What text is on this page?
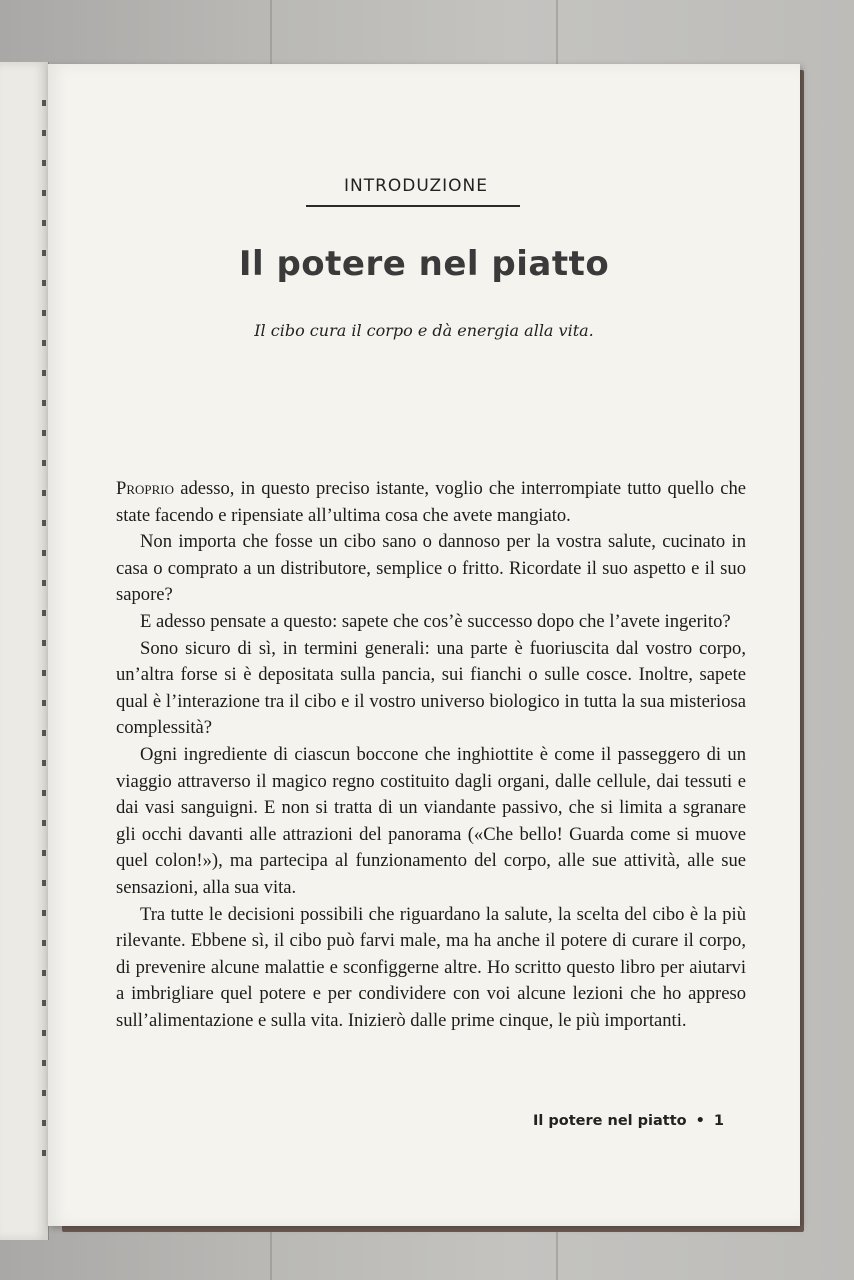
INTRODUZIONE
Il potere nel piatto
Il cibo cura il corpo e dà energia alla vita.

Proprio adesso, in questo preciso istante, voglio che interrompiate tutto quello che state facendo e ripensiate all’ultima cosa che avete mangiato.

Non importa che fosse un cibo sano o dannoso per la vostra salute, cucinato in casa o comprato a un distributore, semplice o fritto. Ricordate il suo aspetto e il suo sapore?

E adesso pensate a questo: sapete che cos’è successo dopo che l’avete ingerito?

Sono sicuro di sì, in termini generali: una parte è fuoriuscita dal vostro corpo, un’altra forse si è depositata sulla pancia, sui fianchi o sulle cosce. Inoltre, sapete qual è l’interazione tra il cibo e il vostro universo biologico in tutta la sua misteriosa complessità?

Ogni ingrediente di ciascun boccone che inghiottite è come il passeggero di un viaggio attraverso il magico regno costituito dagli organi, dalle cellule, dai tessuti e dai vasi sanguigni. E non si tratta di un viandante passivo, che si limita a sgranare gli occhi davanti alle attrazioni del panorama («Che bello! Guarda come si muove quel colon!»), ma partecipa al funzionamento del corpo, alle sue attività, alle sue sensazioni, alla sua vita.

Tra tutte le decisioni possibili che riguardano la salute, la scelta del cibo è la più rilevante. Ebbene sì, il cibo può farvi male, ma ha anche il potere di curare il corpo, di prevenire alcune malattie e sconfiggerne altre. Ho scritto questo libro per aiutarvi a imbrigliare quel potere e per condividere con voi alcune lezioni che ho appreso sull’alimentazione e sulla vita. Inizierò dalle prime cinque, le più importanti.

Il potere nel piatto • 1
